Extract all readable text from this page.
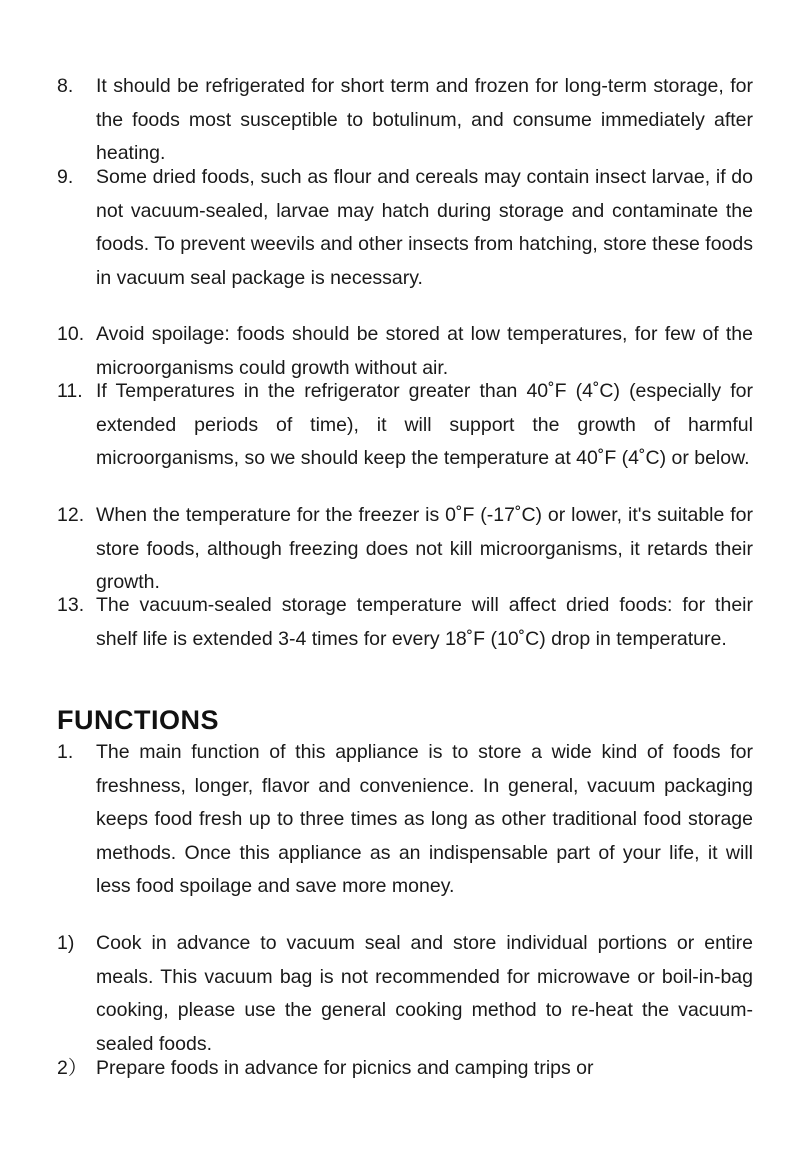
8. It should be refrigerated for short term and frozen for long-term storage, for the foods most susceptible to botulinum, and consume immediately after heating.
9. Some dried foods, such as flour and cereals may contain insect larvae, if do not vacuum-sealed, larvae may hatch during storage and contaminate the foods. To prevent weevils and other insects from hatching, store these foods in vacuum seal package is necessary.
10. Avoid spoilage: foods should be stored at low temperatures, for few of the microorganisms could growth without air.
11. If Temperatures in the refrigerator greater than 40˚F (4˚C) (especially for extended periods of time), it will support the growth of harmful microorganisms, so we should keep the temperature at 40˚F (4˚C) or below.
12. When the temperature for the freezer is 0˚F (-17˚C) or lower, it's suitable for store foods, although freezing does not kill microorganisms, it retards their growth.
13. The vacuum-sealed storage temperature will affect dried foods: for their shelf life is extended 3-4 times for every 18˚F (10˚C) drop in temperature.
FUNCTIONS
1. The main function of this appliance is to store a wide kind of foods for freshness, longer, flavor and convenience. In general, vacuum packaging keeps food fresh up to three times as long as other traditional food storage methods. Once this appliance as an indispensable part of your life, it will less food spoilage and save more money.
1) Cook in advance to vacuum seal and store individual portions or entire meals. This vacuum bag is not recommended for microwave or boil-in-bag cooking, please use the general cooking method to re-heat the vacuum-sealed foods.
2） Prepare foods in advance for picnics and camping trips or
